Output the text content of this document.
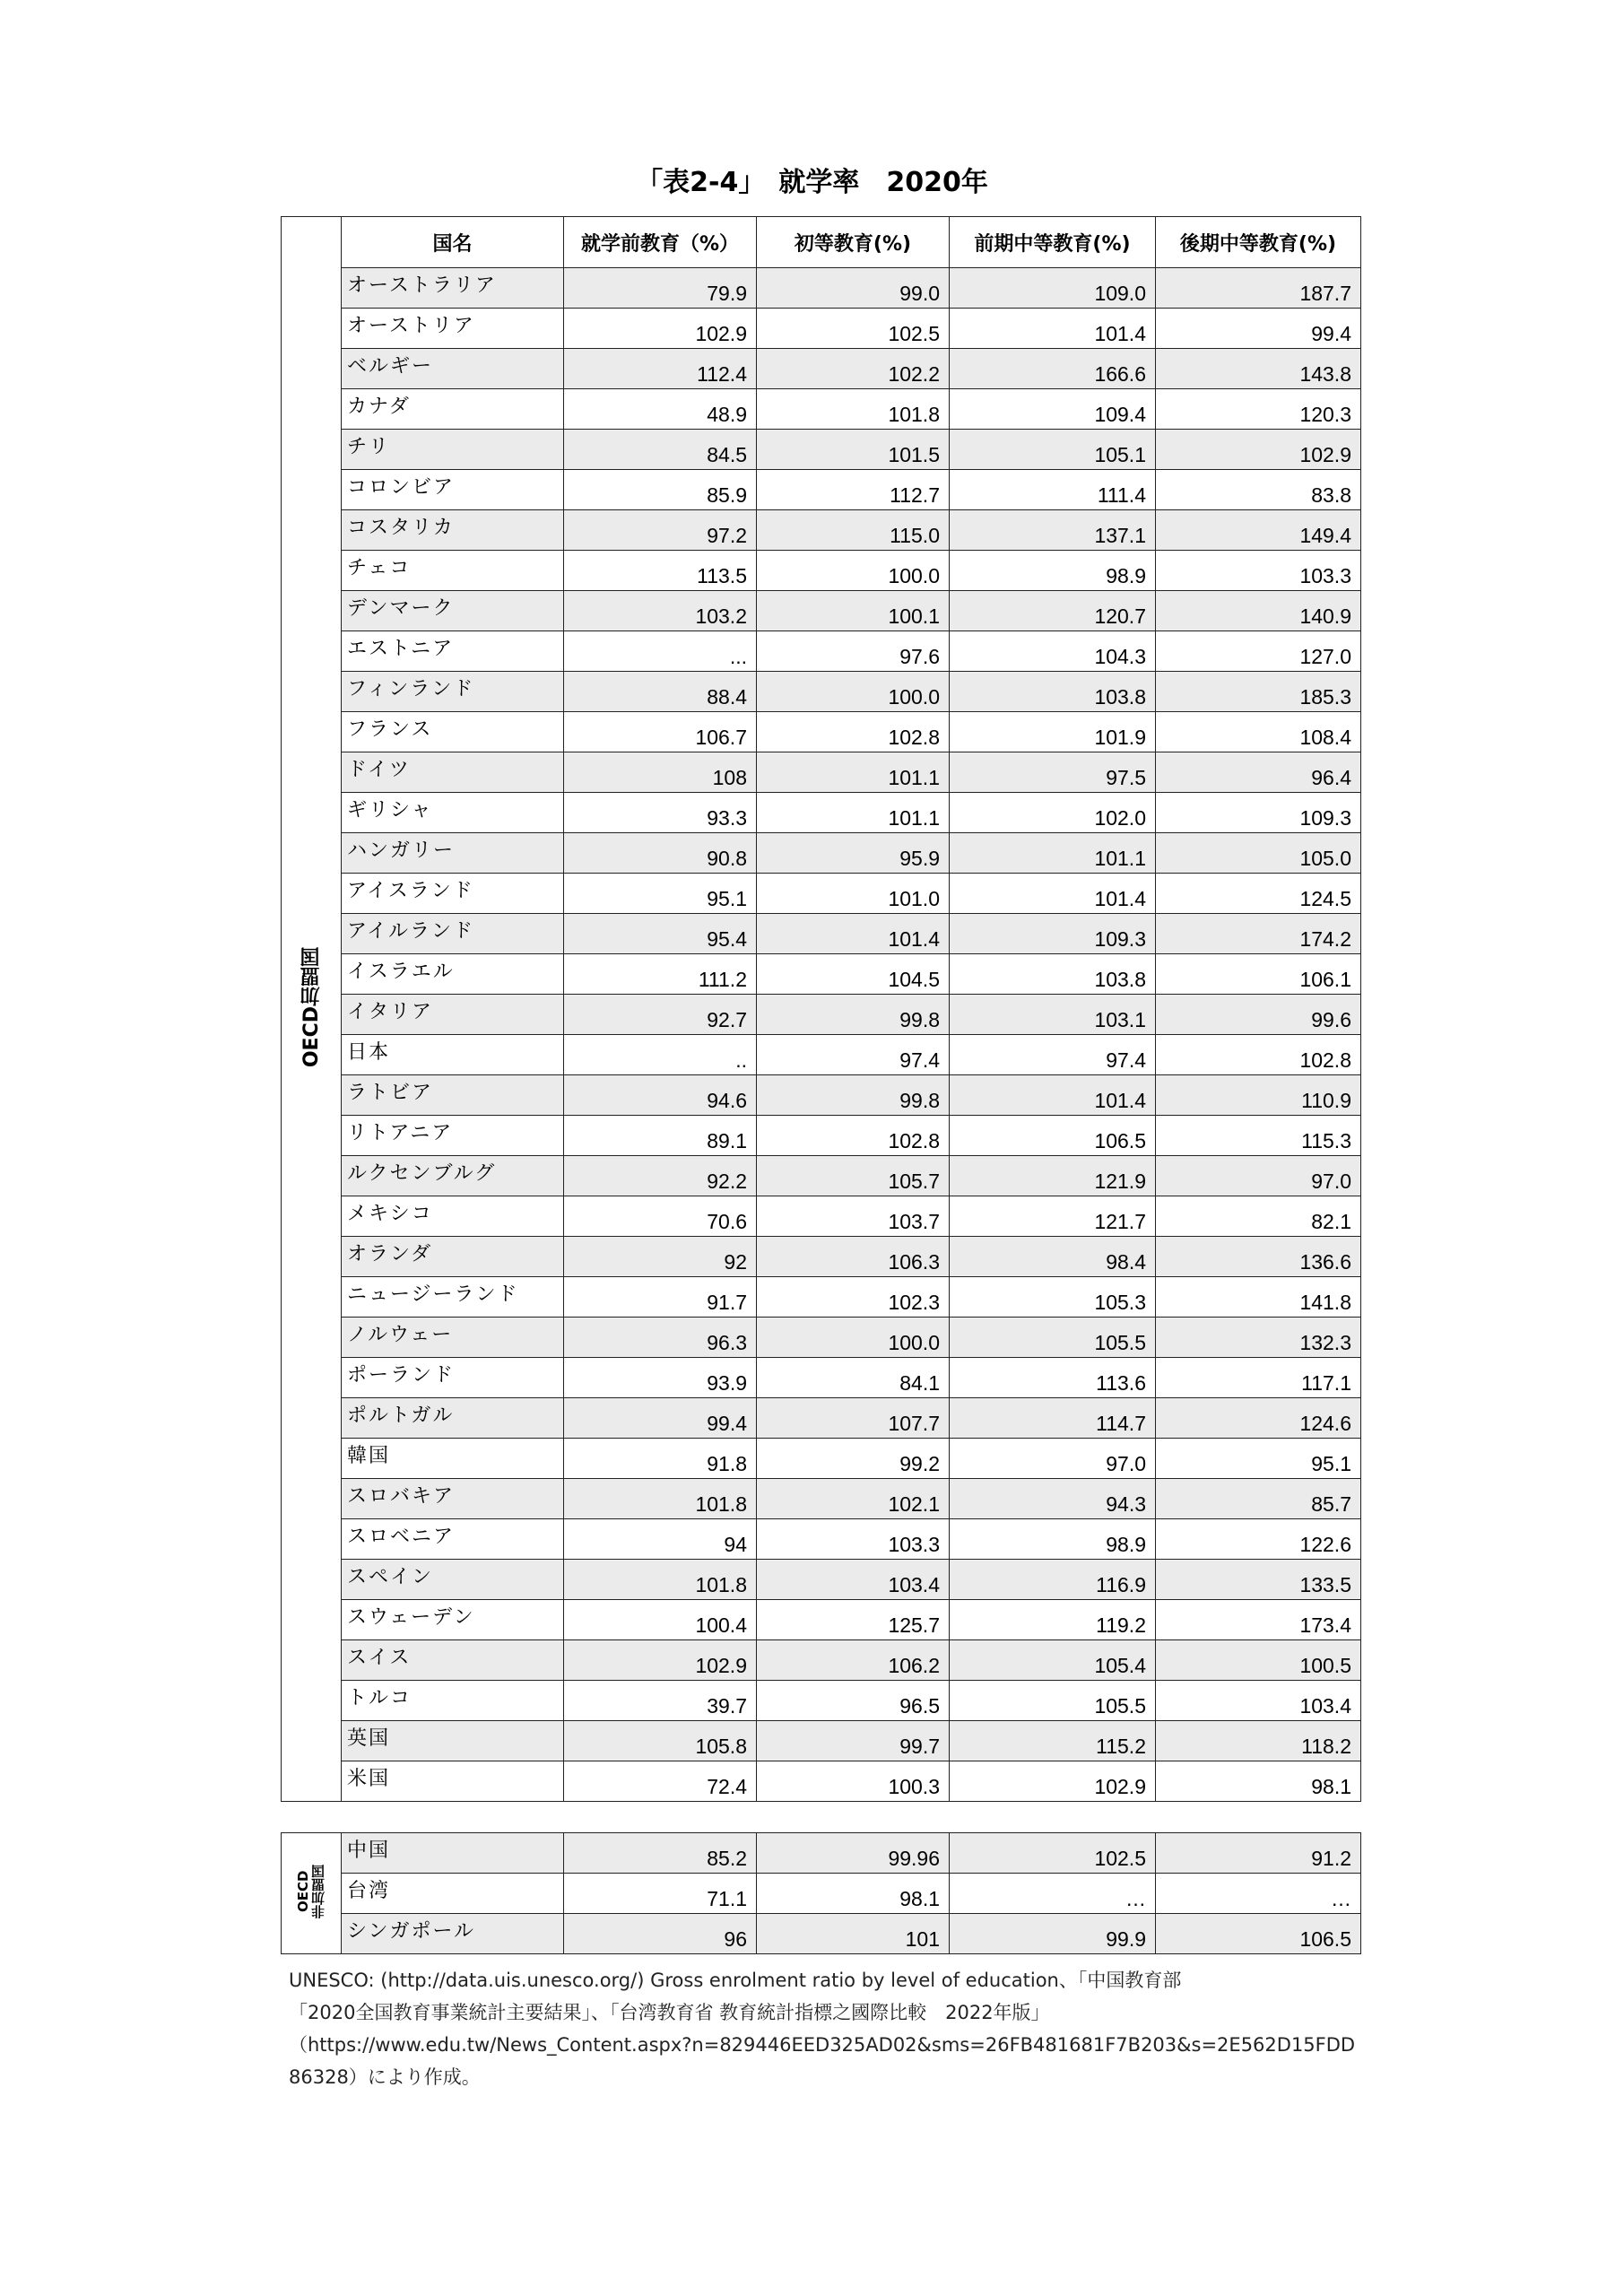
「表2-4」　就学率　2020年
OECD加盟国	国名	就学前教育（%）	初等教育(%)	前期中等教育(%)	後期中等教育(%)
	オーストラリア	79.9	99.0	109.0	187.7
	オーストリア	102.9	102.5	101.4	99.4
	ベルギー	112.4	102.2	166.6	143.8
	カナダ	48.9	101.8	109.4	120.3
	チリ	84.5	101.5	105.1	102.9
	コロンビア	85.9	112.7	111.4	83.8
	コスタリカ	97.2	115.0	137.1	149.4
	チェコ	113.5	100.0	98.9	103.3
	デンマーク	103.2	100.1	120.7	140.9
	エストニア	...	97.6	104.3	127.0
	フィンランド	88.4	100.0	103.8	185.3
	フランス	106.7	102.8	101.9	108.4
	ドイツ	108	101.1	97.5	96.4
	ギリシャ	93.3	101.1	102.0	109.3
	ハンガリー	90.8	95.9	101.1	105.0
	アイスランド	95.1	101.0	101.4	124.5
	アイルランド	95.4	101.4	109.3	174.2
	イスラエル	111.2	104.5	103.8	106.1
	イタリア	92.7	99.8	103.1	99.6
	日本	..	97.4	97.4	102.8
	ラトビア	94.6	99.8	101.4	110.9
	リトアニア	89.1	102.8	106.5	115.3
	ルクセンブルグ	92.2	105.7	121.9	97.0
	メキシコ	70.6	103.7	121.7	82.1
	オランダ	92	106.3	98.4	136.6
	ニュージーランド	91.7	102.3	105.3	141.8
	ノルウェー	96.3	100.0	105.5	132.3
	ポーランド	93.9	84.1	113.6	117.1
	ポルトガル	99.4	107.7	114.7	124.6
	韓国	91.8	99.2	97.0	95.1
	スロバキア	101.8	102.1	94.3	85.7
	スロベニア	94	103.3	98.9	122.6
	スペイン	101.8	103.4	116.9	133.5
	スウェーデン	100.4	125.7	119.2	173.4
	スイス	102.9	106.2	105.4	100.5
	トルコ	39.7	96.5	105.5	103.4
	英国	105.8	99.7	115.2	118.2
	米国	72.4	100.3	102.9	98.1
OECD
非加盟国	中国	85.2	99.96	102.5	91.2
	台湾	71.1	98.1	…	…
	シンガポール	96	101	99.9	106.5
UNESCO: (http://data.uis.unesco.org/) Gross enrolment ratio by level of education、「中国教育部
「2020全国教育事業統計主要結果」、「台湾教育省 教育統計指標之國際比較　2022年版」
（https://www.edu.tw/News_Content.aspx?n=829446EED325AD02&sms=26FB481681F7B203&s=2E562D15FDD
86328）により作成。
